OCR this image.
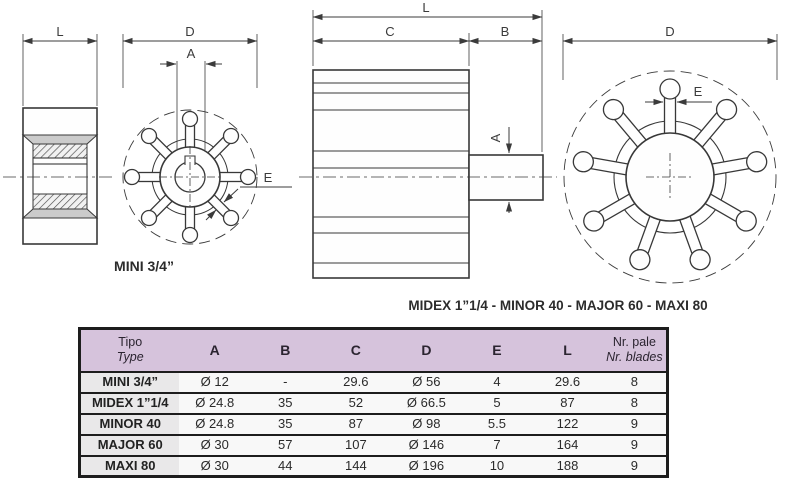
L	D
A
E
MINI 3/4”
L
C	B
A
D
E
MIDEX 1”1/4 - MINOR 40 - MAJOR 60 - MAXI 80
Tipo
Type	A	B	C	D	E	L	Nr. pale
Nr. blades

MINI 3/4”	Ø 12	-	29.6	Ø 56	4	29.6	8
MIDEX 1”1/4	Ø 24.8	35	52	Ø 66.5	5	87	8
MINOR 40	Ø 24.8	35	87	Ø 98	5.5	122	9
MAJOR 60	Ø 30	57	107	Ø 146	7	164	9
MAXI 80	Ø 30	44	144	Ø 196	10	188	9
